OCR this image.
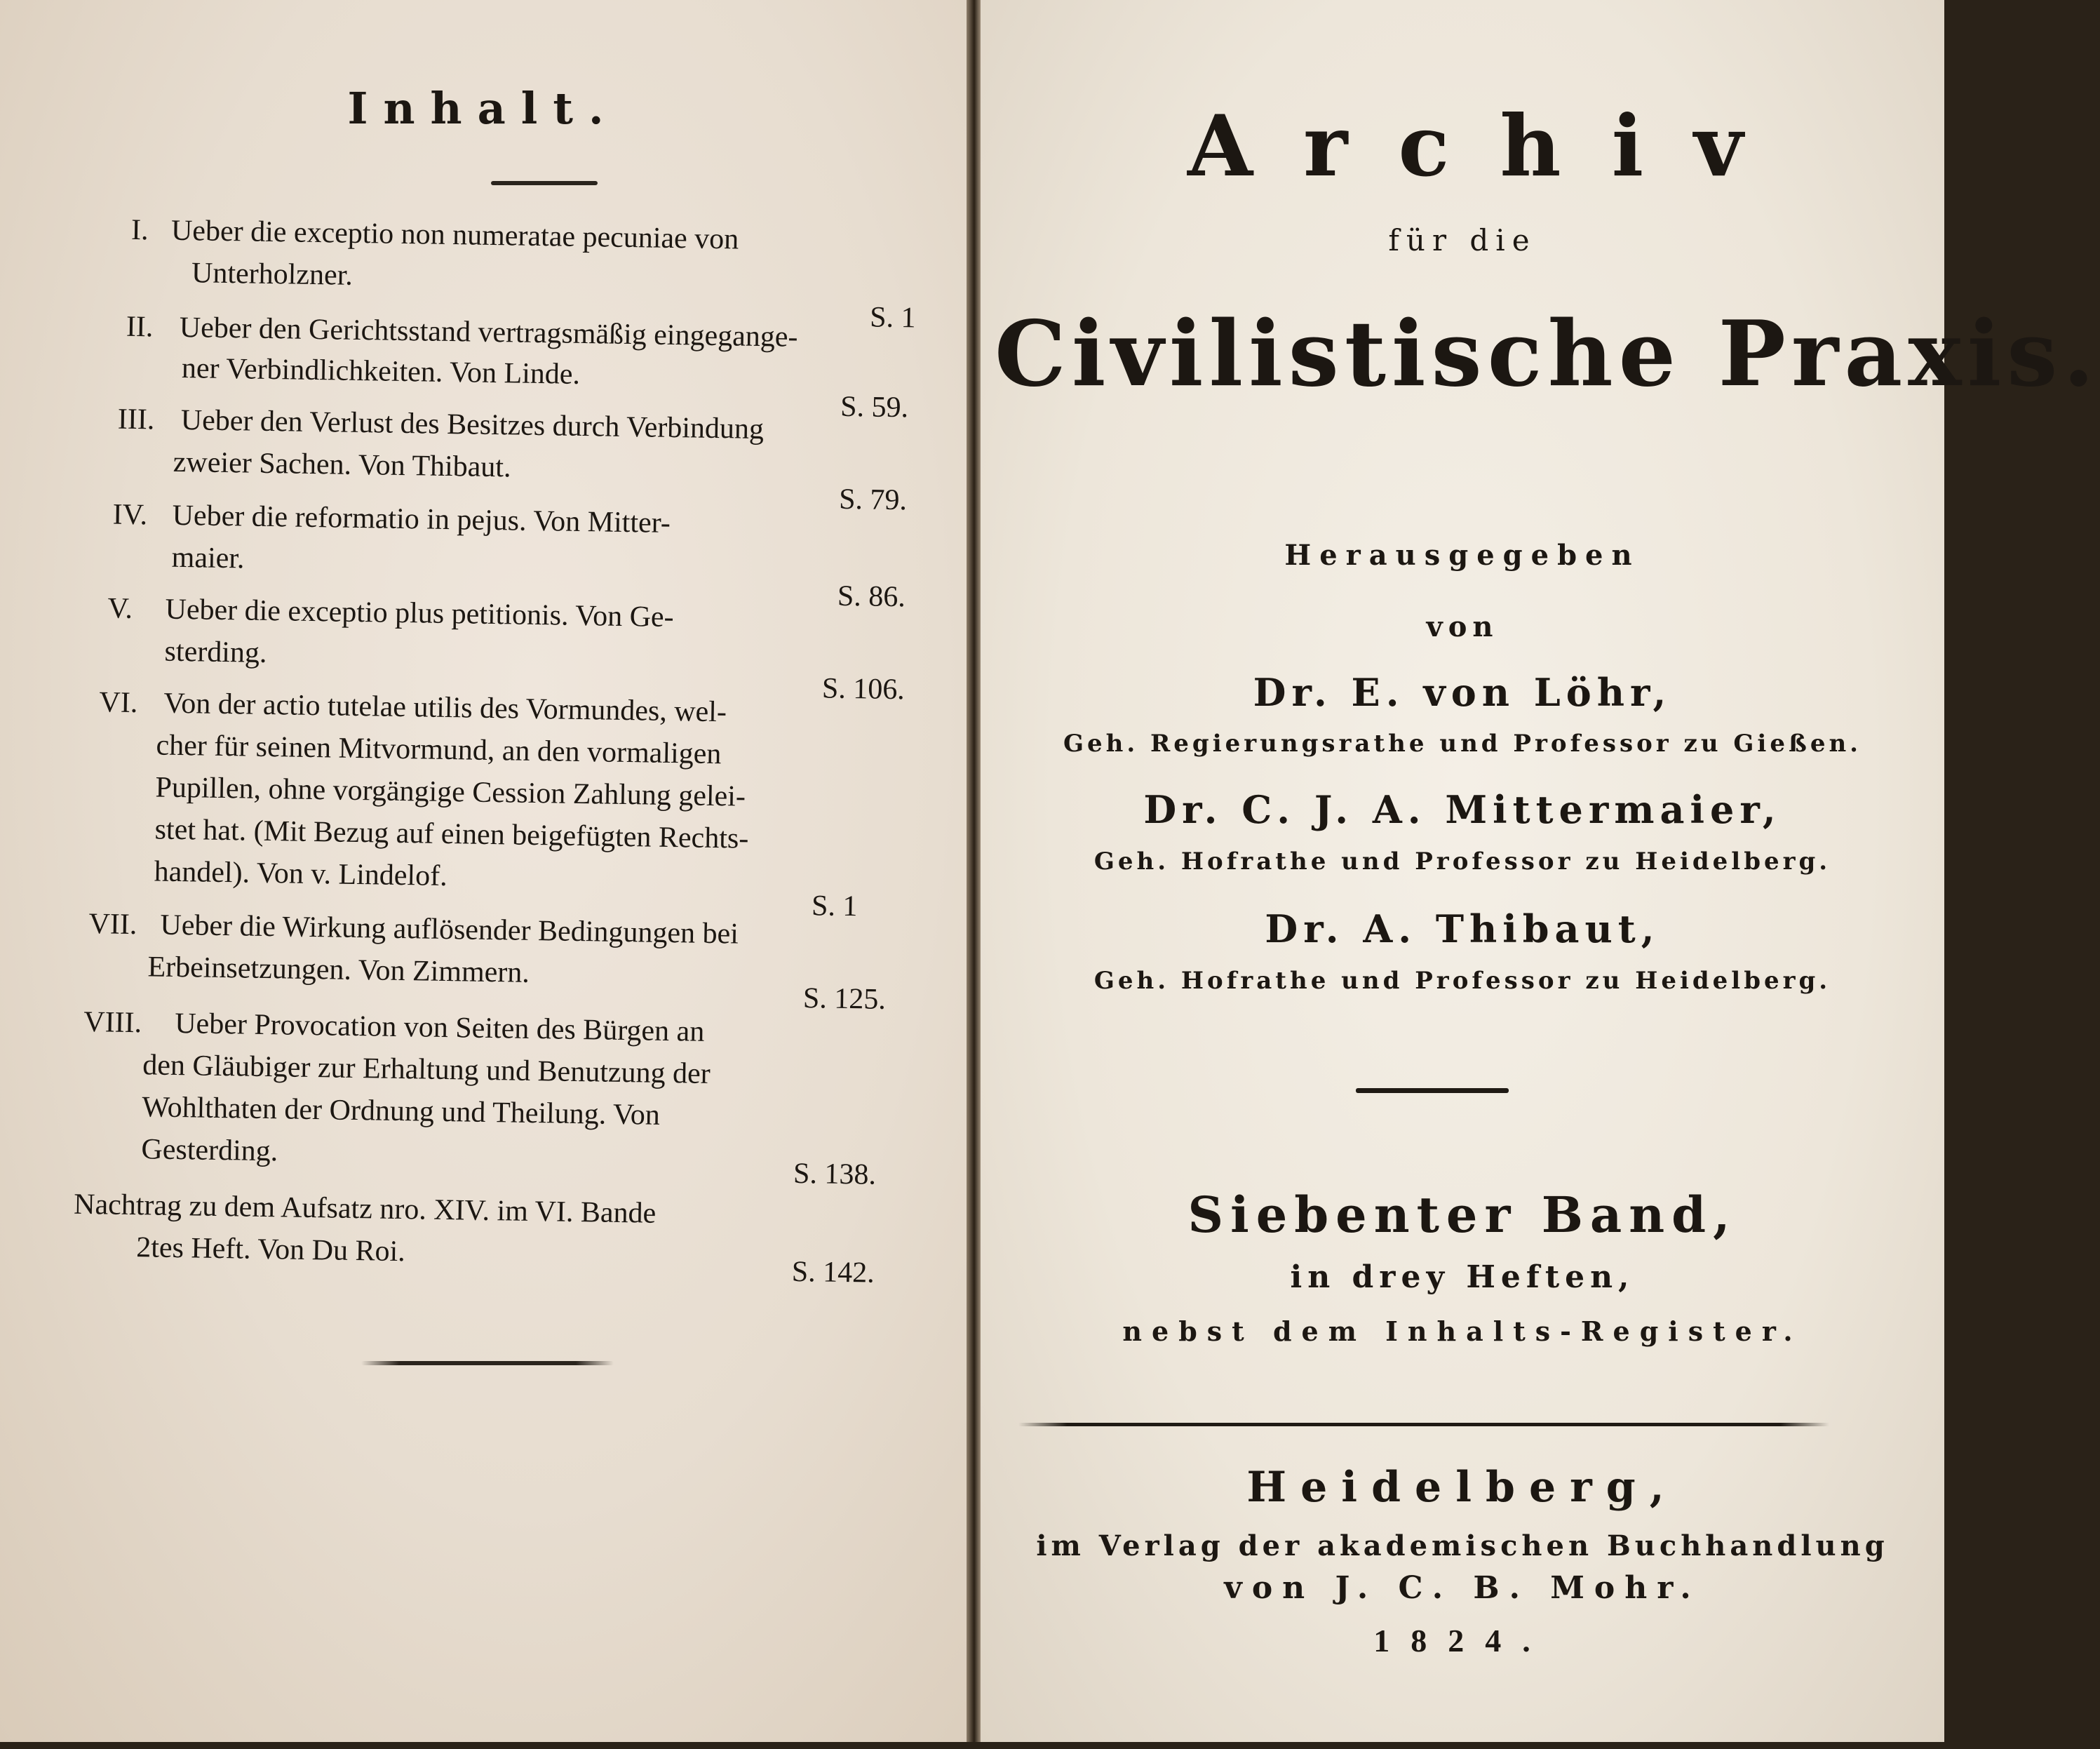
Inhalt.
I. Ueber die exceptio non numeratae pecuniae von
Unterholzner.
S. 1
II. Ueber den Gerichtsstand vertragsmäßig eingegange-
ner Verbindlichkeiten. Von Linde.
S. 59.
III. Ueber den Verlust des Besitzes durch Verbindung
zweier Sachen. Von Thibaut.
S. 79.
IV. Ueber die reformatio in pejus. Von Mitter-
maier.
S. 86.
V. Ueber die exceptio plus petitionis. Von Ge-
sterding.
S. 106.
VI. Von der actio tutelae utilis des Vormundes, wel-
cher für seinen Mitvormund, an den vormaligen
Pupillen, ohne vorgängige Cession Zahlung gelei-
stet hat. (Mit Bezug auf einen beigefügten Rechts-
handel). Von v. Lindelof.
S. 1
VII. Ueber die Wirkung auflösender Bedingungen bei
Erbeinsetzungen. Von Zimmern.
S. 125.
VIII. Ueber Provocation von Seiten des Bürgen an
den Gläubiger zur Erhaltung und Benutzung der
Wohlthaten der Ordnung und Theilung. Von
Gesterding.
S. 138.
Nachtrag zu dem Aufsatz nro. XIV. im VI. Bande
2tes Heft. Von Du Roi.
S. 142.
Archiv
für die
Civilistische Praxis.
Herausgegeben
von
Dr. E. von Löhr,
Geh. Regierungsrathe und Professor zu Gießen.
Dr. C. J. A. Mittermaier,
Geh. Hofrathe und Professor zu Heidelberg.
Dr. A. Thibaut,
Geh. Hofrathe und Professor zu Heidelberg.
Siebenter Band,
in drey Heften,
nebst dem Inhalts-Register.
Heidelberg,
im Verlag der akademischen Buchhandlung
von J. C. B. Mohr.
1824.
